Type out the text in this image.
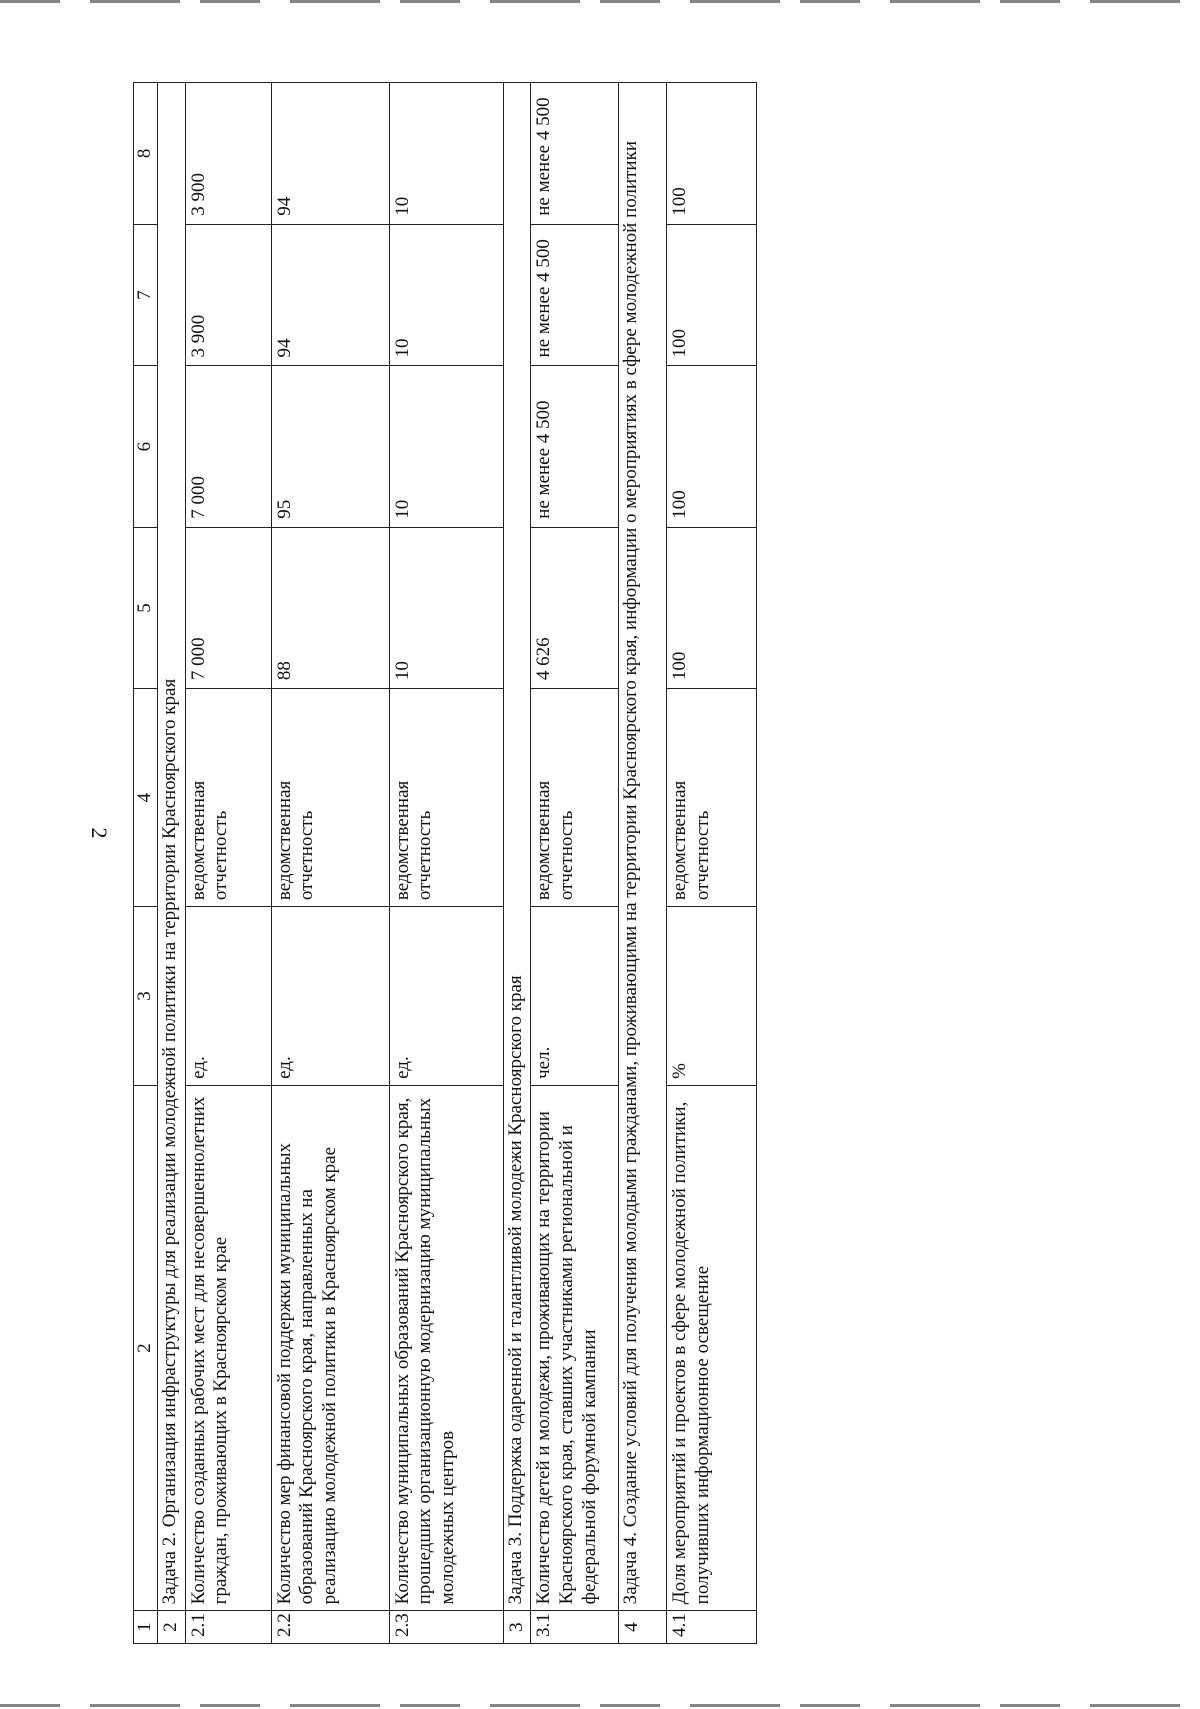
2
1	2	3	4	5	6	7	8
2	Задача 2. Организация инфраструктуры для реализации молодежной политики на территории Красноярского края						
2.1	Количество созданных рабочих мест для несовершеннолетних граждан, проживающих в Красноярском крае	ед.	ведомственная отчетность	7 000	7 000	3 900	3 900
2.2	Количество мер финансовой поддержки муниципальных образований Красноярского края, направленных на реализацию молодежной политики в Красноярском крае	ед.	ведомственная отчетность	88	95	94	94
2.3	Количество муниципальных образований Красноярского края, прошедших организационную модернизацию муниципальных молодежных центров	ед.	ведомственная отчетность	10	10	10	10
3	Задача 3. Поддержка одаренной и талантливой молодежи Красноярского края						
3.1	Количество детей и молодежи, проживающих на территории Красноярского края, ставших участниками региональной и федеральной форумной кампании	чел.	ведомственная отчетность	4 626	не менее 4 500	не менее 4 500	не менее 4 500
4	Задача 4. Создание условий для получения молодыми гражданами, проживающими на территории Красноярского края, информации о мероприятиях в сфере молодежной политики						
4.1	Доля мероприятий и проектов в сфере молодежной политики, получивших информационное освещение	%	ведомственная отчетность	100	100	100	100
